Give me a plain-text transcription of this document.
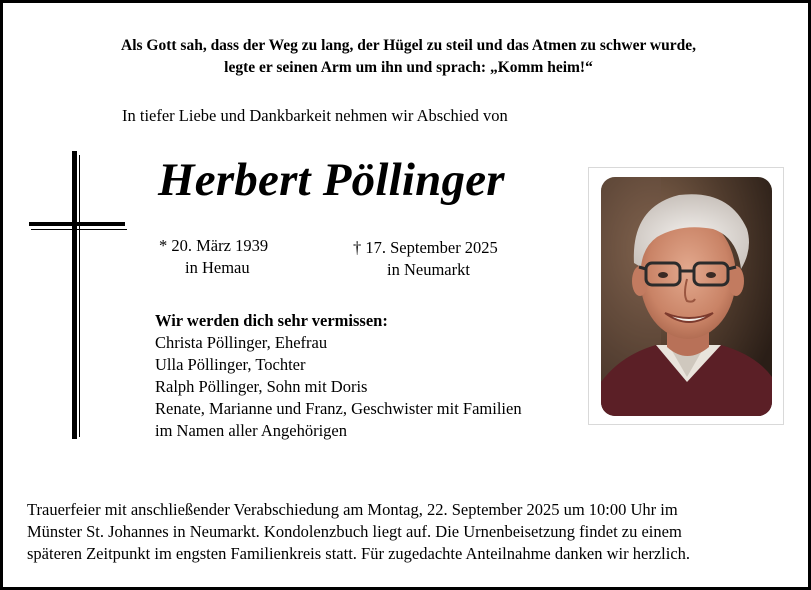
Als Gott sah, dass der Weg zu lang, der Hügel zu steil und das Atmen zu schwer wurde,
legte er seinen Arm um ihn und sprach: „Komm heim!“
In tiefer Liebe und Dankbarkeit nehmen wir Abschied von
Herbert Pöllinger
* 20. März 1939
in Hemau
† 17. September 2025
in Neumarkt
Wir werden dich sehr vermissen:
Christa Pöllinger, Ehefrau
Ulla Pöllinger, Tochter
Ralph Pöllinger, Sohn mit Doris
Renate, Marianne und Franz, Geschwister mit Familien
im Namen aller Angehörigen
Trauerfeier mit anschließender Verabschiedung am Montag, 22. September 2025 um 10:00 Uhr im
Münster St. Johannes in Neumarkt. Kondolenzbuch liegt auf. Die Urnenbeisetzung findet zu einem
späteren Zeitpunkt im engsten Familienkreis statt. Für zugedachte Anteilnahme danken wir herzlich.
